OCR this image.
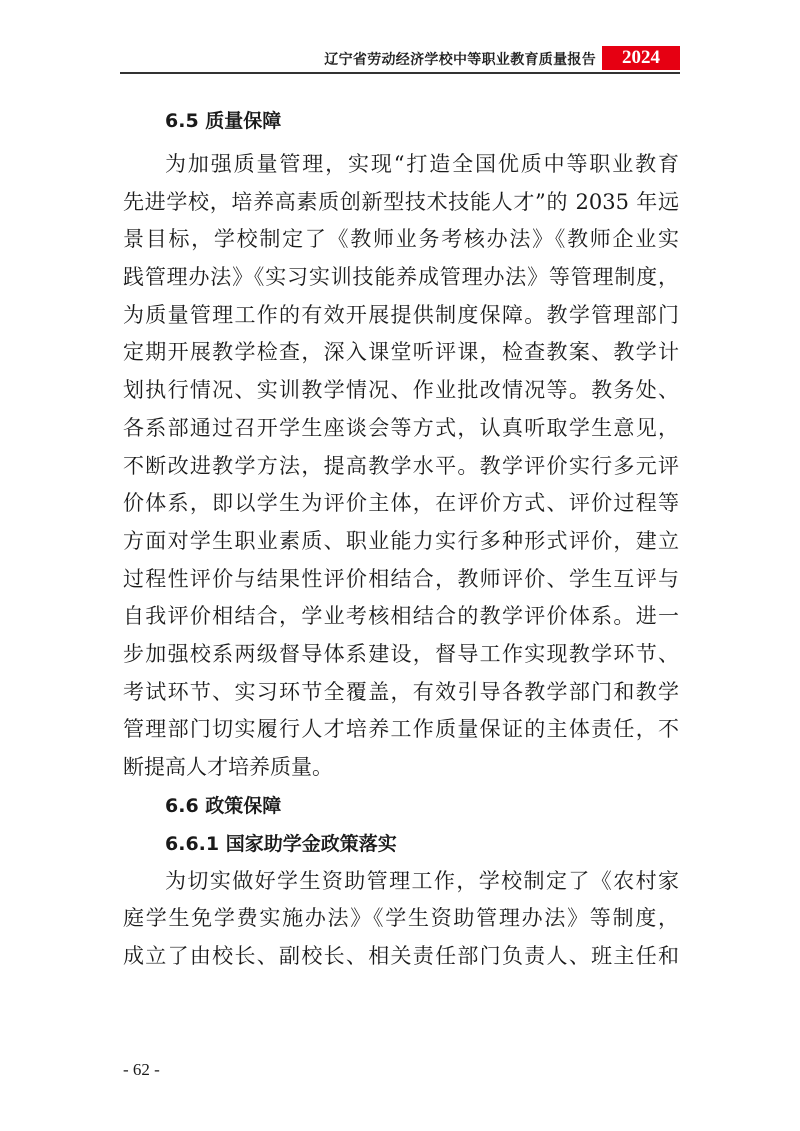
辽宁省劳动经济学校中等职业教育质量报告	2024
6.5 质量保障
为加强质量管理，实现“打造全国优质中等职业教育
先进学校，培养高素质创新型技术技能人才”的 2035 年远
景目标，学校制定了《教师业务考核办法》《教师企业实
践管理办法》《实习实训技能养成管理办法》等管理制度，
为质量管理工作的有效开展提供制度保障。教学管理部门
定期开展教学检查，深入课堂听评课，检查教案、教学计
划执行情况、实训教学情况、作业批改情况等。教务处、
各系部通过召开学生座谈会等方式，认真听取学生意见，
不断改进教学方法，提高教学水平。教学评价实行多元评
价体系，即以学生为评价主体，在评价方式、评价过程等
方面对学生职业素质、职业能力实行多种形式评价，建立
过程性评价与结果性评价相结合，教师评价、学生互评与
自我评价相结合，学业考核相结合的教学评价体系。进一
步加强校系两级督导体系建设，督导工作实现教学环节、
考试环节、实习环节全覆盖，有效引导各教学部门和教学
管理部门切实履行人才培养工作质量保证的主体责任，不
断提高人才培养质量。
6.6 政策保障
6.6.1 国家助学金政策落实
为切实做好学生资助管理工作，学校制定了《农村家
庭学生免学费实施办法》《学生资助管理办法》等制度，
成立了由校长、副校长、相关责任部门负责人、班主任和
- 62 -
